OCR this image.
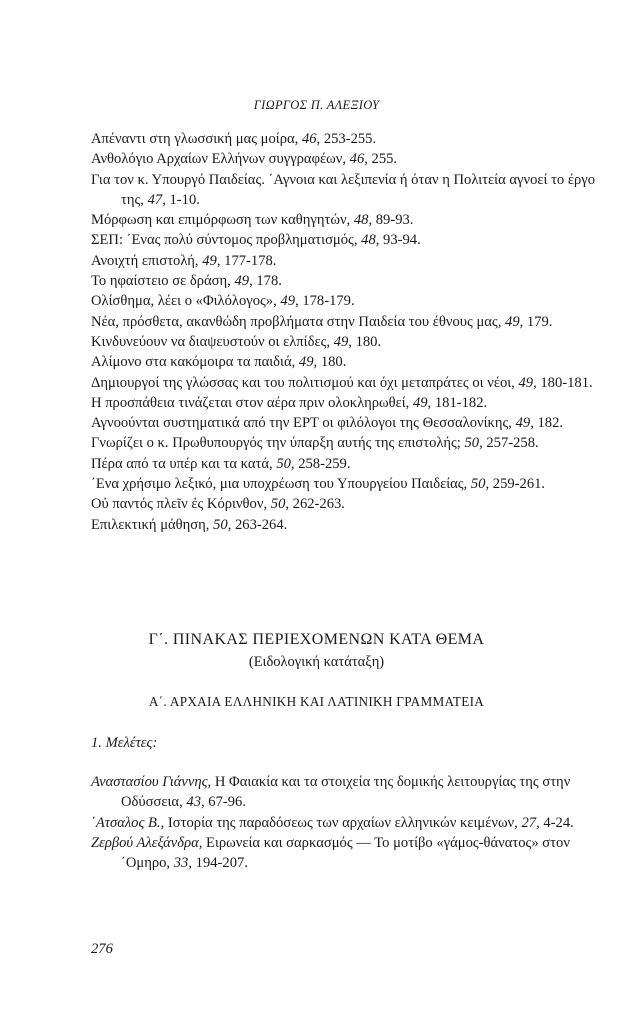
ΓΙΩΡΓΟΣ Π. ΑΛΕΞΙΟΥ
Απέναντι στη γλωσσική μας μοίρα, 46, 253-255.
Ανθολόγιο Αρχαίων Ελλήνων συγγραφέων, 46, 255.
Για τον κ. Υπουργό Παιδείας. ΄Αγνοια και λεξιπενία ή όταν η Πολιτεία αγνοεί το έργο της, 47, 1-10.
Μόρφωση και επιμόρφωση των καθηγητών, 48, 89-93.
ΣΕΠ: ΄Ενας πολύ σύντομος προβληματισμός, 48, 93-94.
Ανοιχτή επιστολή, 49, 177-178.
Το ηφαίστειο σε δράση, 49, 178.
Ολίσθημα, λέει ο «Φιλόλογος», 49, 178-179.
Νέα, πρόσθετα, ακανθώδη προβλήματα στην Παιδεία του έθνους μας, 49, 179.
Κινδυνεύουν να διαψευστούν οι ελπίδες, 49, 180.
Αλίμονο στα κακόμοιρα τα παιδιά, 49, 180.
Δημιουργοί της γλώσσας και του πολιτισμού και όχι μεταπράτες οι νέοι, 49, 180-181.
Η προσπάθεια τινάζεται στον αέρα πριν ολοκληρωθεί, 49, 181-182.
Αγνοούνται συστηματικά από την ΕΡΤ οι φιλόλογοι της Θεσσαλονίκης, 49, 182.
Γνωρίζει ο κ. Πρωθυπουργός την ύπαρξη αυτής της επιστολής; 50, 257-258.
Πέρα από τα υπέρ και τα κατά, 50, 258-259.
΄Ενα χρήσιμο λεξικό, μια υποχρέωση του Υπουργείου Παιδείας, 50, 259-261.
Οὐ παντός πλεῖν ἐς Κόρινθον, 50, 262-263.
Επιλεκτική μάθηση, 50, 263-264.
Γ΄. ΠΙΝΑΚΑΣ ΠΕΡΙΕΧΟΜΕΝΩΝ ΚΑΤΑ ΘΕΜΑ
(Ειδολογική κατάταξη)
Α΄. ΑΡΧΑΙΑ ΕΛΛΗΝΙΚΗ ΚΑΙ ΛΑΤΙΝΙΚΗ ΓΡΑΜΜΑΤΕΙΑ
1. Μελέτες:
Αναστασίου Γιάννης, Η Φαιακία και τα στοιχεία της δομικής λειτουργίας της στην Οδύσσεια, 43, 67-96.
΄Ατσαλος Β., Ιστορία της παραδόσεως των αρχαίων ελληνικών κειμένων, 27, 4-24.
Ζερβού Αλεξάνδρα, Ειρωνεία και σαρκασμός — Το μοτίβο «γάμος-θάνατος» στον ΄Ομηρο, 33, 194-207.
276
